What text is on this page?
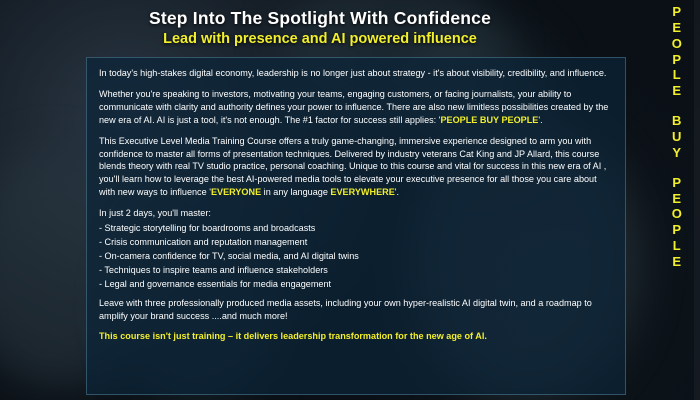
Step Into The Spotlight With Confidence
Lead with presence and AI powered influence

In today's high-stakes digital economy, leadership is no longer just about strategy - it's about visibility, credibility, and influence.

Whether you're speaking to investors, motivating your teams, engaging customers, or facing journalists, your ability to communicate with clarity and authority defines your power to influence. There are also new limitless possibilities created by the new era of AI. AI is just a tool, it's not enough. The #1 factor for success still applies: 'PEOPLE BUY PEOPLE'.

This Executive Level Media Training Course offers a truly game-changing, immersive experience designed to arm you with confidence to master all forms of presentation techniques. Delivered by industry veterans Cat King and JP Allard, this course blends theory with real TV studio practice, personal coaching. Unique to this course and vital for success in this new era of AI , you'll learn how to leverage the best AI-powered media tools to elevate your executive presence for all those you care about with new ways to influence 'EVERYONE in any language EVERYWHERE'.

In just 2 days, you'll master:

- Strategic storytelling for boardrooms and broadcasts
- Crisis communication and reputation management
- On-camera confidence for TV, social media, and AI digital twins
- Techniques to inspire teams and influence stakeholders
- Legal and governance essentials for media engagement

Leave with three professionally produced media assets, including your own hyper-realistic AI digital twin, and a roadmap to amplify your brand success ....and much more!

This course isn't just training – it delivers leadership transformation for the new age of AI.

P
E
O
P
L
E
B
U
Y
P
E
O
P
L
E
